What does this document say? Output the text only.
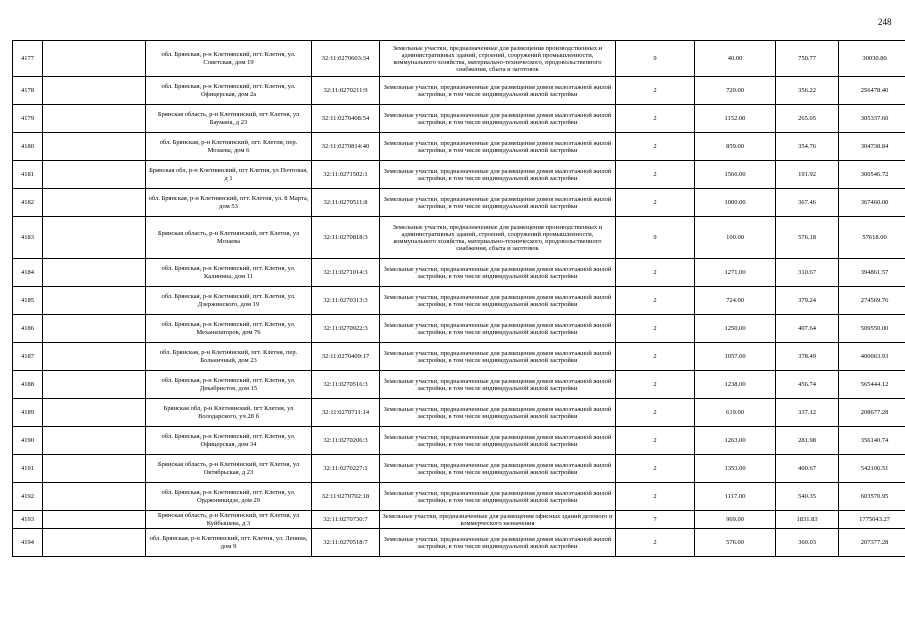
248
4177		обл. Брянская, р-н Клетнянский, пгт. Клетня, ул. Советская, дом 19	32:11:0270603:34	Земельные участки, предназначенные для размещения производственных и административных зданий, строений, сооружений промышленности, коммунального хозяйства, материально-технического, продовольственного снабжения, сбыта и заготовок	9	40.00	750.77	30030.80
4178		обл. Брянская, р-н Клетнянский, пгт. Клетня, ул. Офицерская, дом 2а	32:11:0270211:9	Земельные участки, предназначенные для размещения домов малоэтажной жилой застройки, в том числе индивидуальной жилой застройки	2	720.00	356.22	256478.40
4179		Брянская область, р-н Клетнянский, пгт Клетня, ул Баумана, д 23	32:11:0270408:54	Земельные участки, предназначенные для размещения домов малоэтажной жилой застройки, в том числе индивидуальной жилой застройки	2	1152.00	265.05	305337.60
4180		обл. Брянская, р-н Клетнянский, пгт. Клетня, пер. Мозаева, дом 6	32:11:0270814:40	Земельные участки, предназначенные для размещения домов малоэтажной жилой застройки, в том числе индивидуальной жилой застройки	2	859.00	354.76	304738.84
4181		Брянская обл, р-н Клетнянский, пгт Клетня, ул Почтовая, д 1	32:11:0271502:1	Земельные участки, предназначенные для размещения домов малоэтажной жилой застройки, в том числе индивидуальной жилой застройки	2	1566.00	191.92	300546.72
4182		обл. Брянская, р-н Клетнянский, пгт. Клетня, ул. 8 Марта, дом 53	32:11:0270511:8	Земельные участки, предназначенные для размещения домов малоэтажной жилой застройки, в том числе индивидуальной жилой застройки	2	1000.00	367.46	367460.00
4183		Брянская область, р-н Клетнянский, пгт Клетня, ул Мозаева	32:11:0270818:3	Земельные участки, предназначенные для размещения производственных и административных зданий, строений, сооружений промышленности, коммунального хозяйства, материально-технического, продовольственного снабжения, сбыта и заготовок	9	100.00	576.18	57618.00
4184		обл. Брянская, р-н Клетнянский, пгт. Клетня, ул. Калинина, дом 11	32:11:0271014:3	Земельные участки, предназначенные для размещения домов малоэтажной жилой застройки, в том числе индивидуальной жилой застройки	2	1271.00	310.67	394861.57
4185		обл. Брянская, р-н Клетнянский, пгт. Клетня, ул. Дзержинского, дом 19	32:11:0270313:3	Земельные участки, предназначенные для размещения домов малоэтажной жилой застройки, в том числе индивидуальной жилой застройки	2	724.00	379.24	274569.76
4186		обл. Брянская, р-н Клетнянский, пгт. Клетня, ул. Механизаторов, дом 76	32:11:0270922:3	Земельные участки, предназначенные для размещения домов малоэтажной жилой застройки, в том числе индивидуальной жилой застройки	2	1250.00	407.64	509550.00
4187		обл. Брянская, р-н Клетнянский, пгт. Клетня, пер. Больничный, дом 23	32:11:0270409:17	Земельные участки, предназначенные для размещения домов малоэтажной жилой застройки, в том числе индивидуальной жилой застройки	2	1057.00	378.49	400063.93
4188		обл. Брянская, р-н Клетнянский, пгт. Клетня, ул. Декабристов, дом 15	32:11:0270516:3	Земельные участки, предназначенные для размещения домов малоэтажной жилой застройки, в том числе индивидуальной жилой застройки	2	1238.00	456.74	565444.12
4189		Брянская обл, р-н Клетнянский, пгт Клетня, ул Володарского, уч.28 б	32:11:0270711:14	Земельные участки, предназначенные для размещения домов малоэтажной жилой застройки, в том числе индивидуальной жилой застройки	2	619.00	337.12	208677.28
4190		обл. Брянская, р-н Клетнянский, пгт. Клетня, ул. Офицерская, дом 34	32:11:0270206:3	Земельные участки, предназначенные для размещения домов малоэтажной жилой застройки, в том числе индивидуальной жилой застройки	2	1263.00	281.98	356140.74
4191		Брянская область, р-н Клетнянский, пгт Клетня, ул Октябрьская, д 23	32:11:0270227:1	Земельные участки, предназначенные для размещения домов малоэтажной жилой застройки, в том числе индивидуальной жилой застройки	2	1353.00	400.67	542106.51
4192		обл. Брянская, р-н Клетнянский, пгт. Клетня, ул. Орджоникидзе, дом 29	32:11:0270702:18	Земельные участки, предназначенные для размещения домов малоэтажной жилой застройки, в том числе индивидуальной жилой застройки	2	1117.00	540.35	603570.95
4193		Брянская область, р-н Клетнянский, пгт Клетня, ул Куйбышева, д 3	32:11:0270730:7	Земельные участки, предназначенные для размещения офисных зданий делового и коммерческого назначения	7	969.00	1831.83	1775043.27
4194		обл. Брянская, р-н Клетнянский, пгт. Клетня, ул. Ленина, дом 9	32:11:0270518:7	Земельные участки, предназначенные для размещения домов малоэтажной жилой застройки, в том числе индивидуальной жилой застройки	2	576.00	360.03	207377.28
